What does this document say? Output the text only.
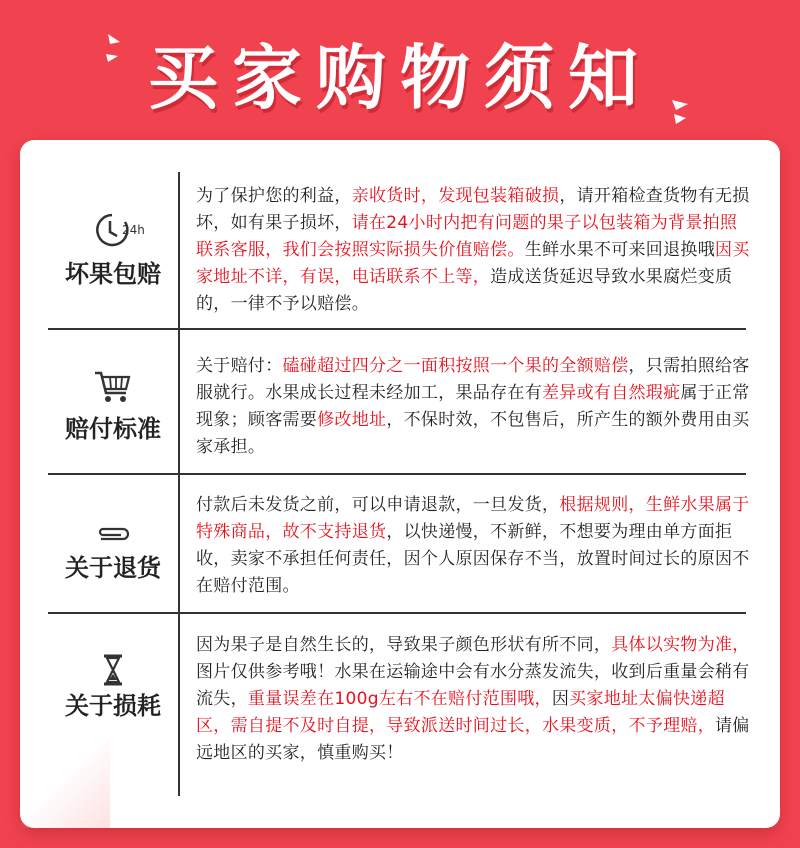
买家购物须知
24h
坏果包赔
为了保护您的利益，亲收货时，发现包装箱破损，请开箱检查货物有无损坏，如有果子损坏，请在24小时内把有问题的果子以包装箱为背景拍照联系客服，我们会按照实际损失价值赔偿。生鲜水果不可来回退换哦因买家地址不详，有误，电话联系不上等，造成送货延迟导致水果腐烂变质的，一律不予以赔偿。
赔付标准
关于赔付：磕碰超过四分之一面积按照一个果的全额赔偿，只需拍照给客服就行。水果成长过程未经加工，果品存在有差异或有自然瑕疵属于正常现象；顾客需要修改地址，不保时效，不包售后，所产生的额外费用由买家承担。
关于退货
付款后未发货之前，可以申请退款，一旦发货，根据规则，生鲜水果属于特殊商品，故不支持退货，以快递慢，不新鲜，不想要为理由单方面拒收，卖家不承担任何责任，因个人原因保存不当，放置时间过长的原因不在赔付范围。
关于损耗
因为果子是自然生长的，导致果子颜色形状有所不同，具体以实物为准，图片仅供参考哦！水果在运输途中会有水分蒸发流失，收到后重量会稍有流失，重量误差在100g左右不在赔付范围哦，因买家地址太偏快递超区，需自提不及时自提，导致派送时间过长，水果变质，不予理赔，请偏远地区的买家，慎重购买！
